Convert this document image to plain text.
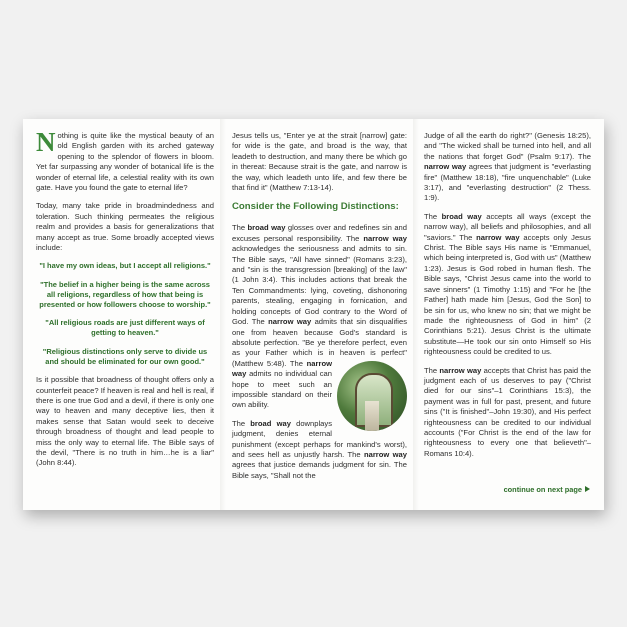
Nothing is quite like the mystical beauty of an old English garden with its arched gateway opening to the splendor of flowers in bloom. Yet far surpassing any wonder of botanical life is the wonder of eternal life, a celestial reality with its own gate. Have you found the gate to eternal life?

Today, many take pride in broadmindedness and toleration. Such thinking permeates the religious realm and provides a basis for generalizations that many accept as true. Some broadly accepted views include:

"I have my own ideas, but I accept all religions."

"The belief in a higher being is the same across all religions, regardless of how that being is presented or how followers choose to worship."

"All religious roads are just different ways of getting to heaven."

"Religious distinctions only serve to divide us and should be eliminated for our own good."

Is it possible that broadness of thought offers only a counterfeit peace? If heaven is real and hell is real, if there is one true God and a devil, if there is only one way to heaven and many deceptive lies, then it makes sense that Satan would seek to deceive through broadness of thought and lead people to miss the only way to eternal life. The Bible says of the devil, "There is no truth in him…he is a liar" (John 8:44).

Jesus tells us, "Enter ye at the strait [narrow] gate: for wide is the gate, and broad is the way, that leadeth to destruction, and many there be which go in thereat: Because strait is the gate, and narrow is the way, which leadeth unto life, and few there be that find it" (Matthew 7:13-14).

Consider the Following Distinctions:

The broad way glosses over and redefines sin and excuses personal responsibility. The narrow way acknowledges the seriousness and admits to sin. The Bible says, "All have sinned" (Romans 3:23), and "sin is the transgression [breaking] of the law" (1 John 3:4). This includes actions that break the Ten Commandments: lying, coveting, dishonoring parents, stealing, engaging in fornication, and holding concepts of God contrary to the Word of God. The narrow way admits that sin disqualifies one from heaven because God's standard is absolute perfection. "Be ye therefore perfect, even as your Father which is in heaven is perfect" (Matthew 5:48). The
narrow way admits no individual can hope to meet such an impossible standard on their own ability.

The broad way downplays judgment, denies eternal punishment (except perhaps for mankind's worst), and sees hell as unjustly harsh. The narrow way agrees that justice demands judgment for sin. The Bible says, "Shall not the

Judge of all the earth do right?" (Genesis 18:25), and "The wicked shall be turned into hell, and all the nations that forget God" (Psalm 9:17). The narrow way agrees that judgment is "everlasting fire" (Matthew 18:18), "fire unquenchable" (Luke 3:17), and "everlasting destruction" (2 Thess. 1:9).

The broad way accepts all ways (except the narrow way), all beliefs and philosophies, and all "saviors." The narrow way accepts only Jesus Christ. The Bible says His name is "Emmanuel, which being interpreted is, God with us" (Matthew 1:23). Jesus is God robed in human flesh. The Bible says, "Christ Jesus came into the world to save sinners" (1 Timothy 1:15) and "For he [the Father] hath made him [Jesus, God the Son] to be sin for us, who knew no sin; that we might be made the righteousness of God in him" (2 Corinthians 5:21). Jesus Christ is the ultimate substitute—He took our sin onto Himself so His righteousness could be credited to us.

The narrow way accepts that Christ has paid the judgment each of us deserves to pay ("Christ died for our sins"–1 Corinthians 15:3), the payment was in full for past, present, and future sins ("It is finished"–John 19:30), and His perfect righteousness can be credited to our individual accounts ("For Christ is the end of the law for righteousness to every one that believeth"–Romans 10:4).

continue on next page
